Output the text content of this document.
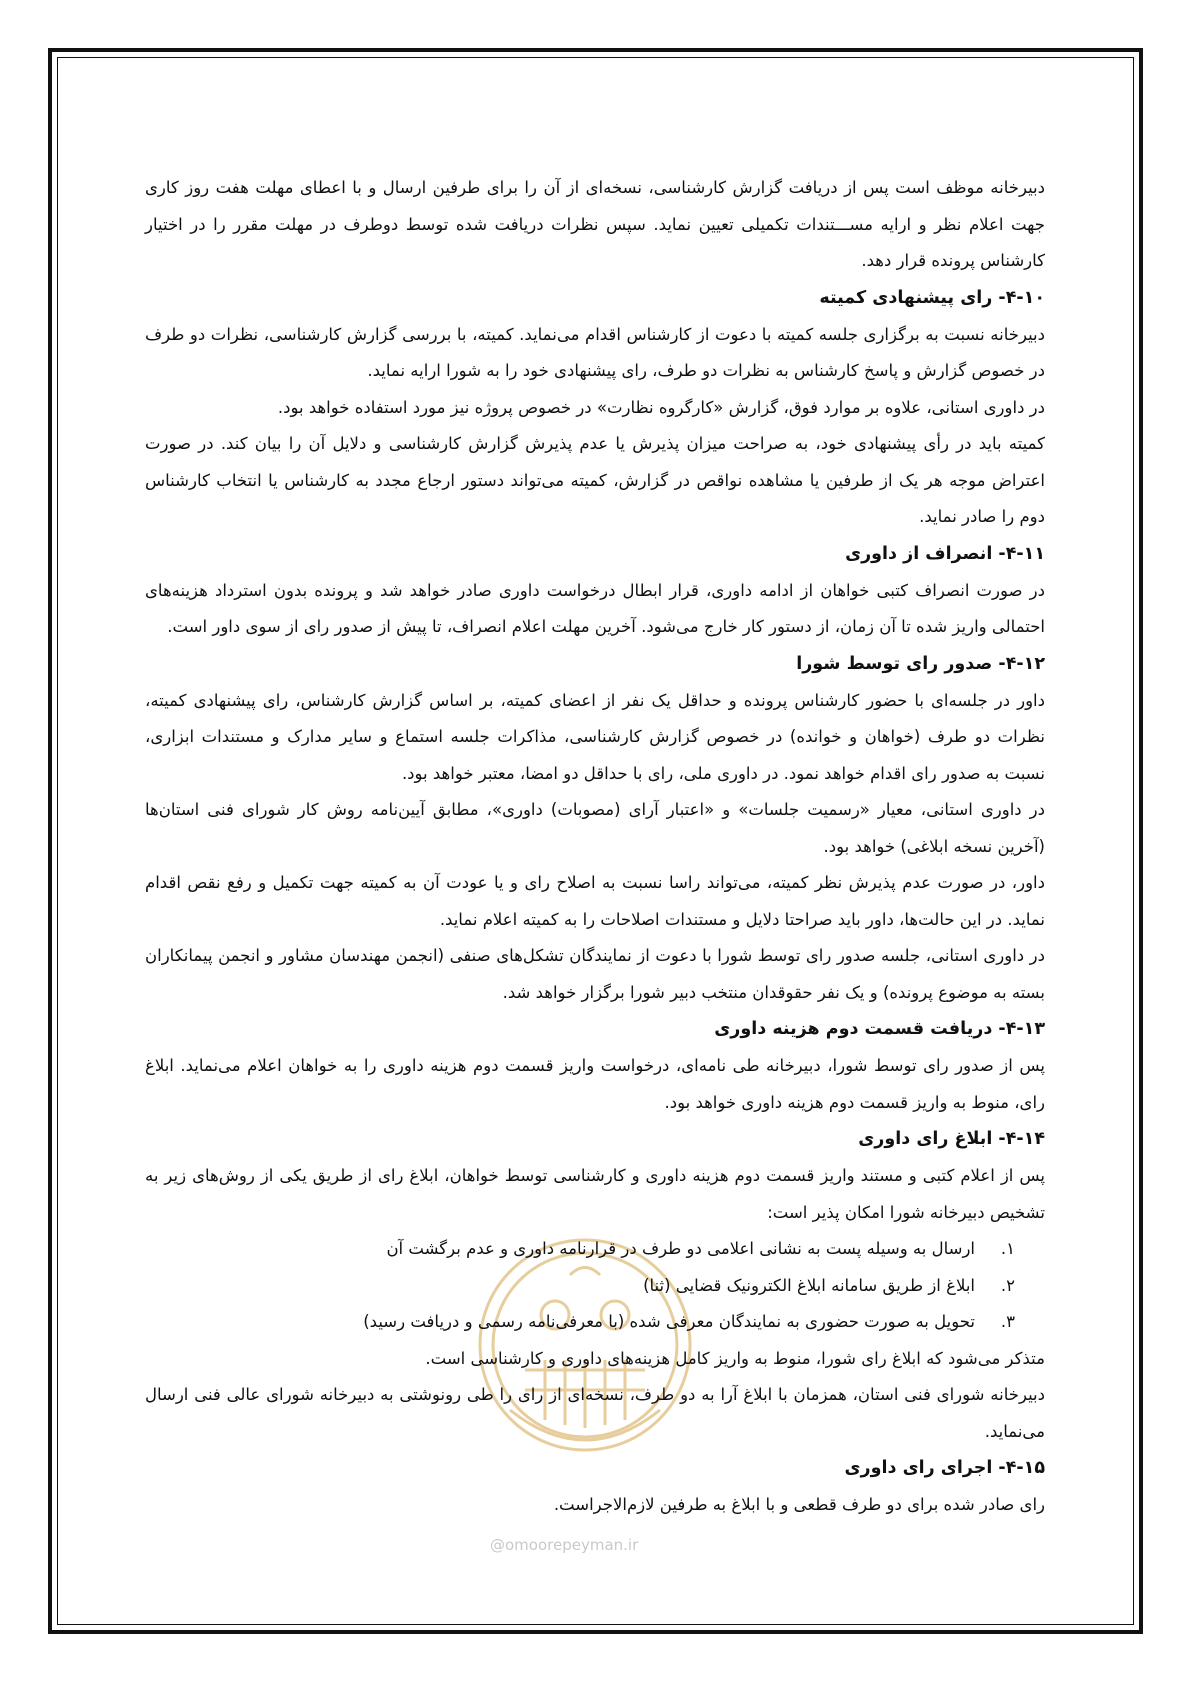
@omoorepeyman.ir

دبیرخانه موظف است پس از دریافت گزارش کارشناسی، نسخه‌ای از آن را برای طرفین ارسال و با اعطای مهلت هفت روز کاری جهت اعلام نظر و ارایه مســـتندات تکمیلی تعیین نماید. سپس نظرات دریافت شده توسط دوطرف در مهلت مقرر را در اختیار کارشناس پرونده قرار دهد.

۴-۱۰- رای پیشنهادی کمیته

دبیرخانه نسبت به برگزاری جلسه کمیته با دعوت از کارشناس اقدام می‌نماید. کمیته، با بررسی گزارش کارشناسی، نظرات دو طرف در خصوص گزارش و پاسخ کارشناس به نظرات دو طرف، رای پیشنهادی خود را به شورا ارایه نماید.

در داوری استانی، علاوه بر موارد فوق، گزارش «کارگروه نظارت» در خصوص پروژه نیز مورد استفاده خواهد بود.

کمیته باید در رأی پیشنهادی خود، به صراحت میزان پذیرش یا عدم پذیرش گزارش کارشناسی و دلایل آن را بیان کند. در صورت اعتراض موجه هر یک از طرفین یا مشاهده نواقص در گزارش، کمیته می‌تواند دستور ارجاع مجدد به کارشناس یا انتخاب کارشناس دوم را صادر نماید.

۴-۱۱- انصراف از داوری

در صورت انصراف کتبی خواهان از ادامه داوری، قرار ابطال درخواست داوری صادر خواهد شد و پرونده بدون استرداد هزینه‌های احتمالی واریز شده تا آن زمان، از دستور کار خارج می‌شود. آخرین مهلت اعلام انصراف، تا پیش از صدور رای از سوی داور است.

۴-۱۲- صدور رای توسط شورا

داور در جلسه‌ای با حضور کارشناس پرونده و حداقل یک نفر از اعضای کمیته، بر اساس گزارش کارشناس، رای پیشنهادی کمیته، نظرات دو طرف (خواهان و خوانده) در خصوص گزارش کارشناسی، مذاکرات جلسه استماع و سایر مدارک و مستندات ابزاری، نسبت به صدور رای اقدام خواهد نمود. در داوری ملی، رای با حداقل دو امضا، معتبر خواهد بود.

در داوری استانی، معیار «رسمیت جلسات» و «اعتبار آرای (مصوبات) داوری»، مطابق آیین‌نامه روش کار شورای فنی استان‌ها (آخرین نسخه ابلاغی) خواهد بود.

داور، در صورت عدم پذیرش نظر کمیته، می‌تواند راسا نسبت به اصلاح رای و یا عودت آن به کمیته جهت تکمیل و رفع نقص اقدام نماید. در این حالت‌ها، داور باید صراحتا دلایل و مستندات اصلاحات را به کمیته اعلام نماید.

در داوری استانی، جلسه صدور رای توسط شورا با دعوت از نمایندگان تشکل‌های صنفی (انجمن مهندسان مشاور و انجمن پیمانکاران بسته به موضوع پرونده) و یک نفر حقوقدان منتخب دبیر شورا برگزار خواهد شد.

۴-۱۳- دریافت قسمت دوم هزینه داوری

پس از صدور رای توسط شورا، دبیرخانه طی نامه‌ای، درخواست واریز قسمت دوم هزینه داوری را به خواهان اعلام می‌نماید. ابلاغ رای، منوط به واریز قسمت دوم هزینه داوری خواهد بود.

۴-۱۴- ابلاغ رای داوری

پس از اعلام کتبی و مستند واریز قسمت دوم هزینه داوری و کارشناسی توسط خواهان، ابلاغ رای از طریق یکی از روش‌های زیر به تشخیص دبیرخانه شورا امکان پذیر است:

۱.
ارسال به وسیله پست به نشانی اعلامی دو طرف در قرارنامه داوری و عدم برگشت آن
۲.
ابلاغ از طریق سامانه ابلاغ الکترونیک قضایی (ثنا)
۳.
تحویل به صورت حضوری به نمایندگان معرفی شده (با معرفی‌نامه رسمی و دریافت رسید)

متذکر می‌شود که ابلاغ رای شورا، منوط به واریز کامل هزینه‌های داوری و کارشناسی است.

دبیرخانه شورای فنی استان، همزمان با ابلاغ آرا به دو طرف، نسخه‌ای از رای را طی رونوشتی به دبیرخانه شورای عالی فنی ارسال می‌نماید.

۴-۱۵- اجرای رای داوری

رای صادر شده برای دو طرف قطعی و با ابلاغ به طرفین لازم‌الاجراست.
